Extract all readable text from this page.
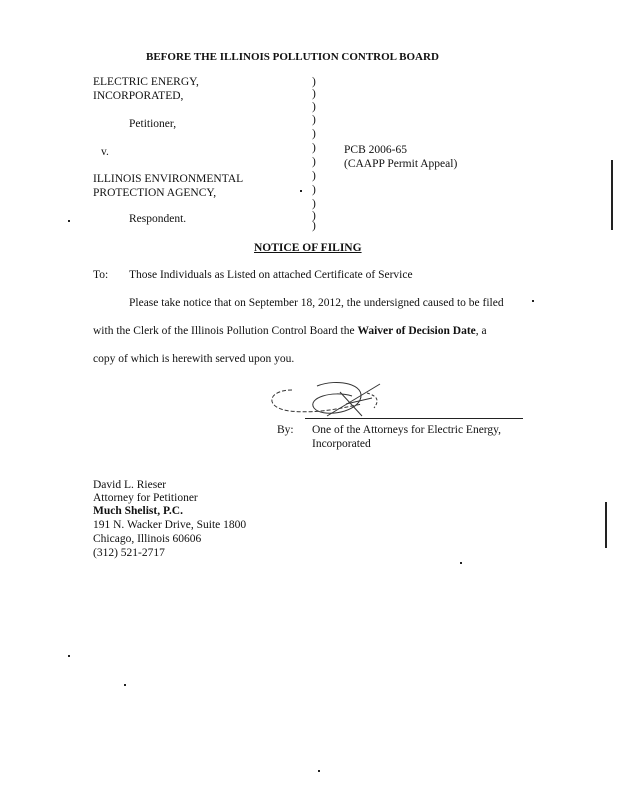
BEFORE THE ILLINOIS POLLUTION CONTROL BOARD
ELECTRIC ENERGY,
INCORPORATED,
Petitioner,
v.
ILLINOIS ENVIRONMENTAL
PROTECTION AGENCY,
Respondent.
)
)
)
)
)
)
)
)
)
)
)
)
PCB 2006-65
(CAAPP Permit Appeal)
NOTICE OF FILING
To: Those Individuals as Listed on attached Certificate of Service
Please take notice that on September 18, 2012, the undersigned caused to be filed
with the Clerk of the Illinois Pollution Control Board the Waiver of Decision Date, a
copy of which is herewith served upon you.
By: One of the Attorneys for Electric Energy,
Incorporated
David L. Rieser
Attorney for Petitioner
Much Shelist, P.C.
191 N. Wacker Drive, Suite 1800
Chicago, Illinois 60606
(312) 521-2717
